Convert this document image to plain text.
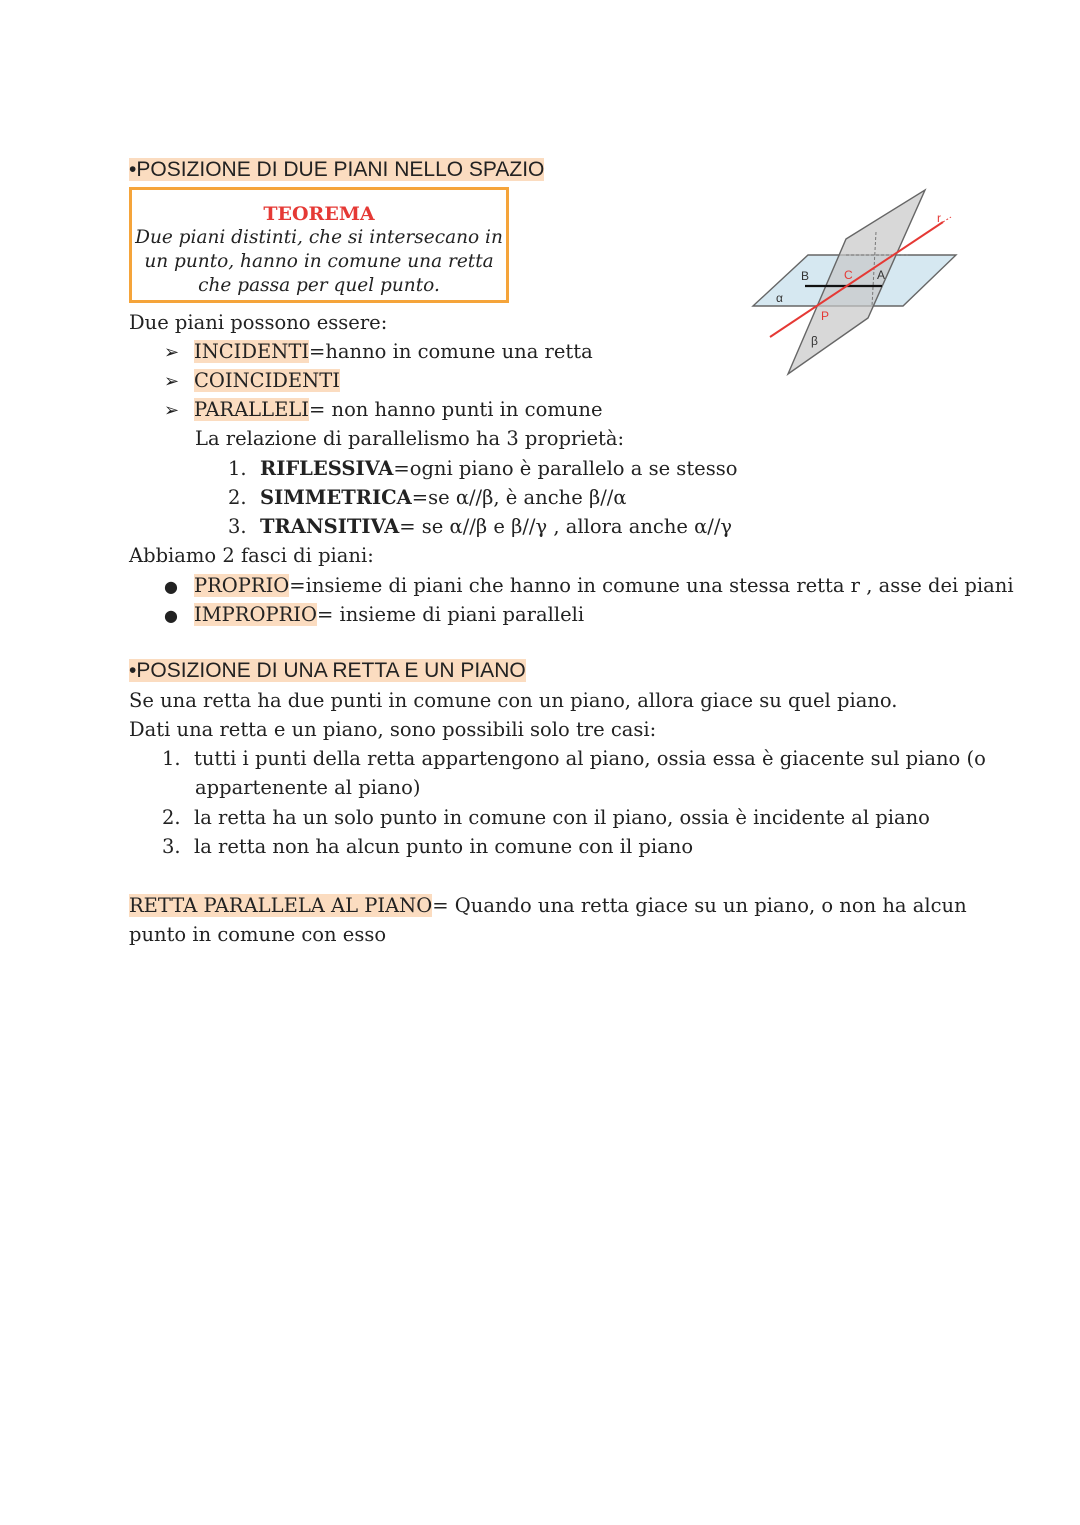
•POSIZIONE DI DUE PIANI NELLO SPAZIO
TEOREMA
Due piani distinti, che si intersecano in
un punto, hanno in comune una retta
che passa per quel punto.
α
β
B	C A
P
r
Due piani possono essere:
➢ INCIDENTI=hanno in comune una retta
➢ COINCIDENTI
➢ PARALLELI= non hanno punti in comune
La relazione di parallelismo ha 3 proprietà:
1. RIFLESSIVA=ogni piano è parallelo a se stesso
2. SIMMETRICA=se α//β, è anche β//α
3. TRANSITIVA= se α//β e β//γ , allora anche α//γ
Abbiamo 2 fasci di piani:
● PROPRIO=insieme di piani che hanno in comune una stessa retta r , asse dei piani
● IMPROPRIO= insieme di piani paralleli
•POSIZIONE DI UNA RETTA E UN PIANO
Se una retta ha due punti in comune con un piano, allora giace su quel piano.
Dati una retta e un piano, sono possibili solo tre casi:
1. tutti i punti della retta appartengono al piano, ossia essa è giacente sul piano (o
appartenente al piano)
2. la retta ha un solo punto in comune con il piano, ossia è incidente al piano
3. la retta non ha alcun punto in comune con il piano
RETTA PARALLELA AL PIANO= Quando una retta giace su un piano, o non ha alcun
punto in comune con esso
